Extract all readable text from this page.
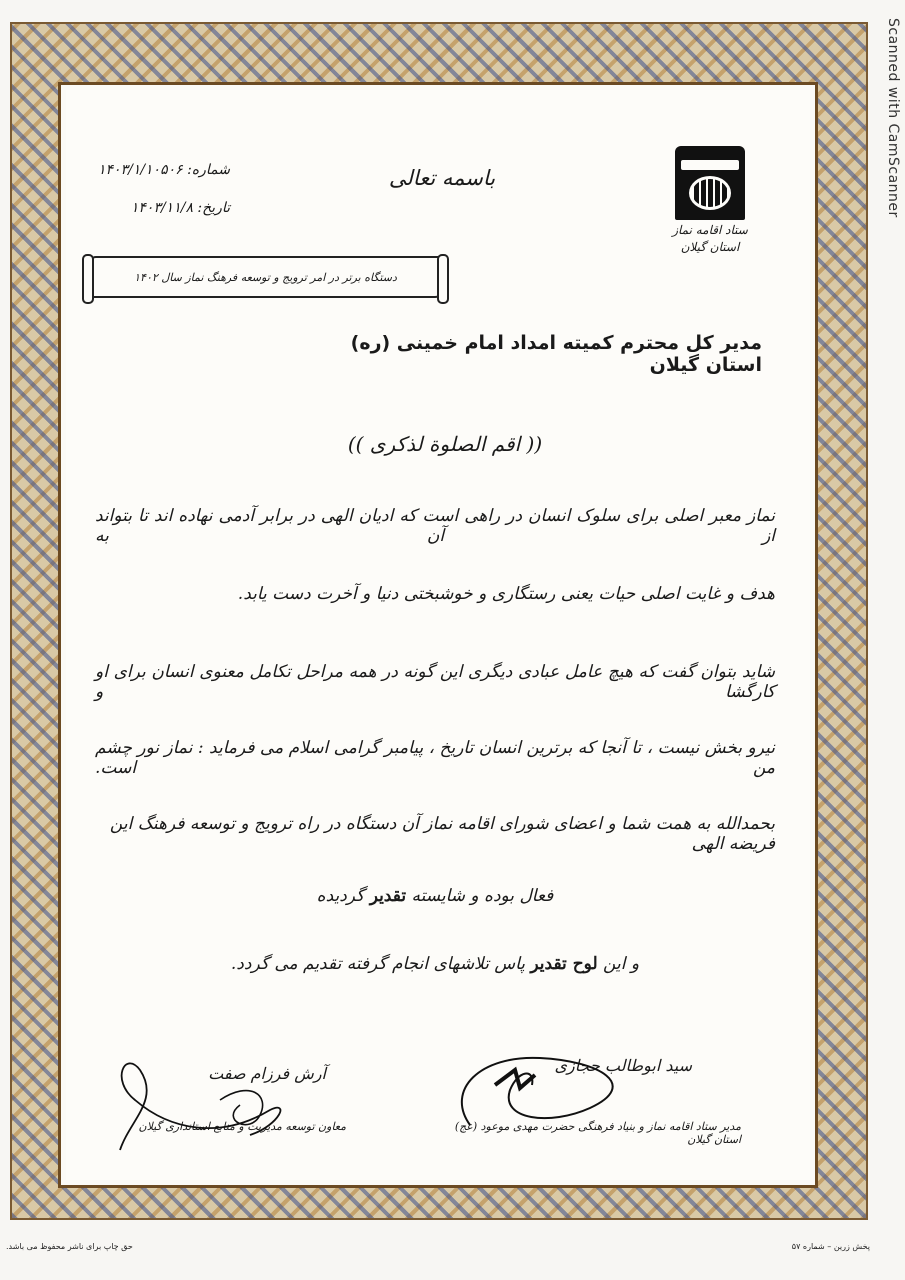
Scanned with CamScanner
ستاد اقامه نماز
استان گیلان
باسمه تعالی
شماره: ۱۴۰۳/۱/۱۰۵۰۶
تاریخ: ۱۴۰۳/۱۱/۸
دستگاه برتر در امر ترویج و توسعه فرهنگ نماز سال ۱۴۰۲
مدیر کل محترم کمیته امداد امام خمینی (ره) استان گیلان
(( اقم الصلوة لذکری ))
نماز معبر اصلی برای سلوک انسان در راهی است که ادیان الهی در برابر آدمی نهاده اند تا بتواند از آن به
هدف و غایت اصلی حیات یعنی رستگاری و خوشبختی دنیا و آخرت دست یابد.
شاید بتوان گفت که هیچ عامل عبادی دیگری این گونه در همه مراحل تکامل معنوی انسان برای او کارگشا و
نیرو بخش نیست ، تا آنجا که برترین انسان تاریخ ، پیامبر گرامی اسلام می فرماید : نماز نور چشم من است.
بحمدالله به همت شما و اعضای شورای اقامه نماز آن دستگاه در راه ترویج و توسعه فرهنگ این فریضه الهی
فعال بوده و شایسته تقدیر گردیده
و این لوح تقدیر پاس تلاشهای انجام گرفته تقدیم می گردد.
سید ابوطالب حجازی
مدیر ستاد اقامه نماز و بنیاد فرهنگی حضرت مهدی موعود (عج) استان گیلان
آرش فرزام صفت
معاون توسعه مدیریت و منابع استانداری گیلان
حق چاپ برای ناشر محفوظ می باشد.	پخش زرین – شماره ۵۷
